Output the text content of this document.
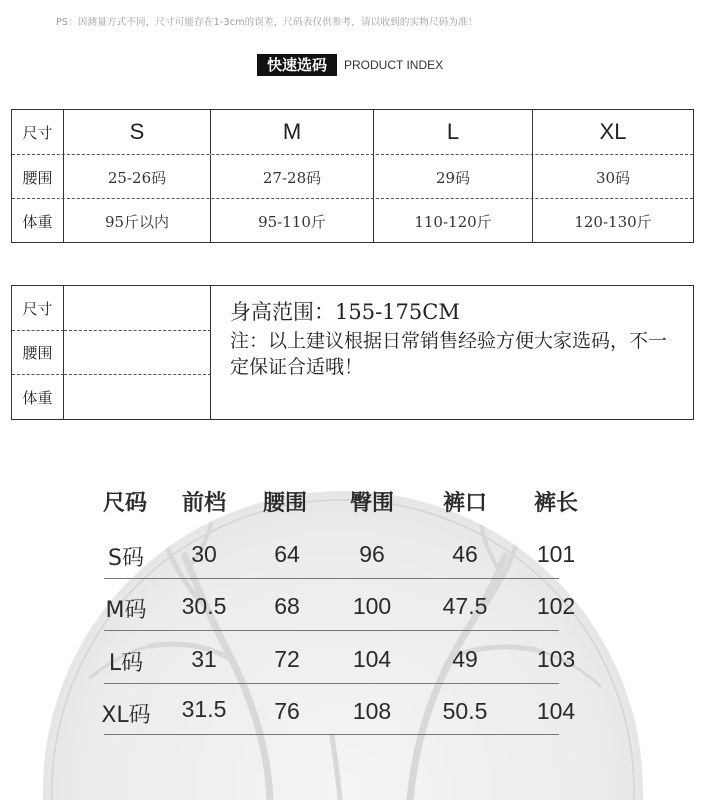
PS：因测量方式不同，尺寸可能存在1-3cm的误差，尺码表仅供参考，请以收到的实物尺码为准！
快速选码	PRODUCT INDEX
尺寸	S	M	L	XL
腰围	25-26码	27-28码	29码	30码
体重	95斤以内	95-110斤	110-120斤	120-130斤
尺寸
腰围
体重
身高范围：155-175CM
注：以上建议根据日常销售经验方便大家选码，不一定保证合适哦！
尺码 前档 腰围 臀围 裤口 裤长
S码 30 64	96	46	101
M码 30.5 68 100 47.5 102
L码 31 72 104	49	103
XL码 31.5 76 108 50.5 104
